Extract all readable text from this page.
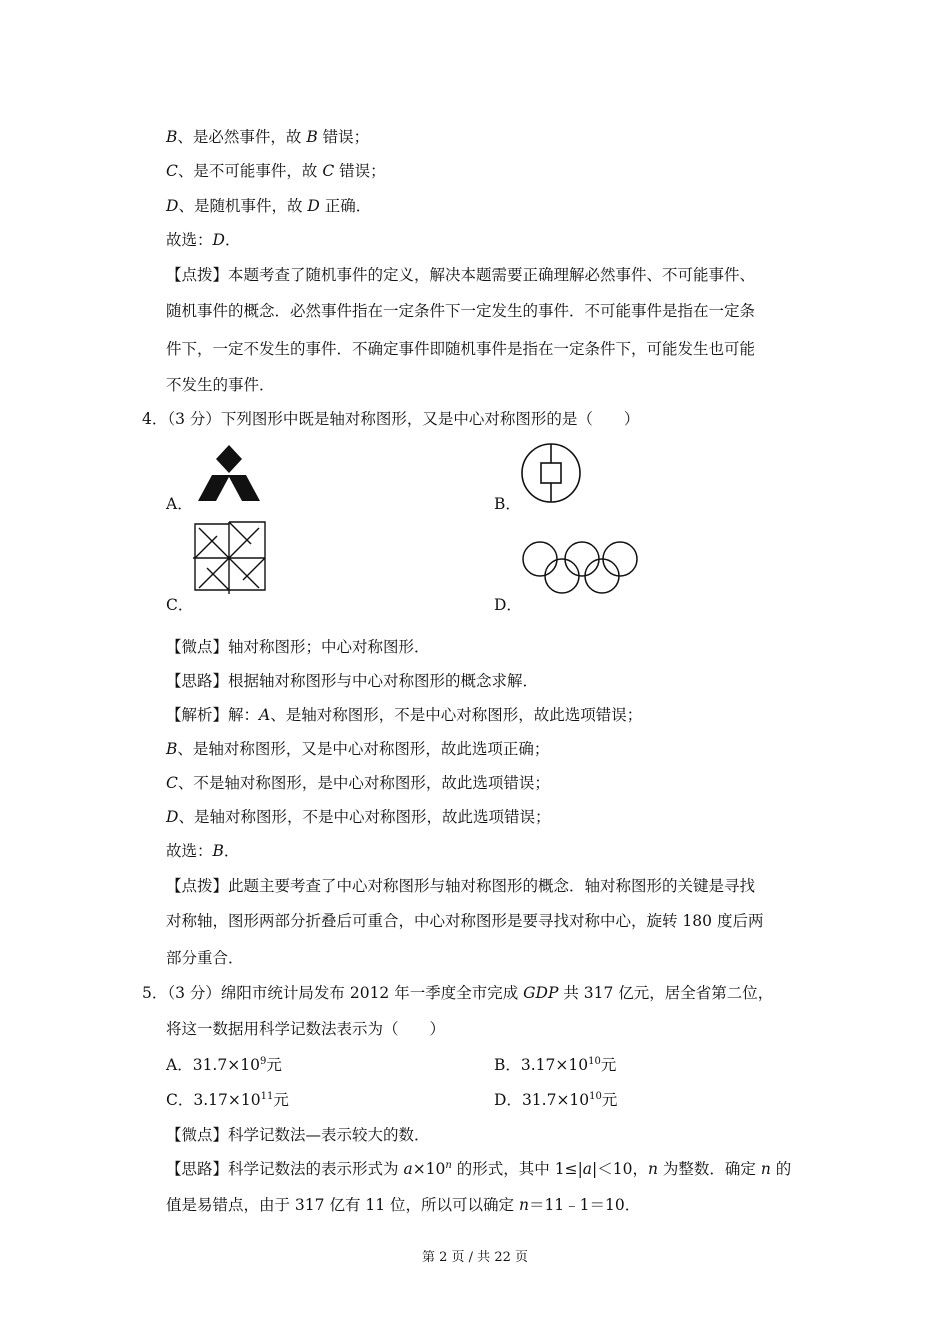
B、是必然事件，故 B 错误；
C、是不可能事件，故 C 错误；
D、是随机事件，故 D 正确．
故选：D．
【点拨】本题考查了随机事件的定义，解决本题需要正确理解必然事件、不可能事件、
随机事件的概念．必然事件指在一定条件下一定发生的事件．不可能事件是指在一定条
件下，一定不发生的事件．不确定事件即随机事件是指在一定条件下，可能发生也可能
不发生的事件．
4．（3 分）下列图形中既是轴对称图形，又是中心对称图形的是（　　）
A．	B．
C．	D．
【微点】轴对称图形；中心对称图形．
【思路】根据轴对称图形与中心对称图形的概念求解．
【解析】解：A、是轴对称图形，不是中心对称图形，故此选项错误；
B、是轴对称图形，又是中心对称图形，故此选项正确；
C、不是轴对称图形，是中心对称图形，故此选项错误；
D、是轴对称图形，不是中心对称图形，故此选项错误；
故选：B．
【点拨】此题主要考查了中心对称图形与轴对称图形的概念．轴对称图形的关键是寻找
对称轴，图形两部分折叠后可重合，中心对称图形是要寻找对称中心，旋转 180 度后两
部分重合．
5．（3 分）绵阳市统计局发布 2012 年一季度全市完成 GDP 共 317 亿元，居全省第二位，
将这一数据用科学记数法表示为（　　）
A．$31.7\times 10^9$元	B．$3.17\times 10^{10}$元
C．$3.17\times 10^{11}$元	D．$31.7\times 10^{10}$元
【微点】科学记数法—表示较大的数．
【思路】科学记数法的表示形式为 $a\times 10^n$ 的形式，其中 1≤|a|＜10，n 为整数．确定 n 的
值是易错点，由于 317 亿有 11 位，所以可以确定 n＝11﹣1＝10．
第 2 页 / 共 22 页
